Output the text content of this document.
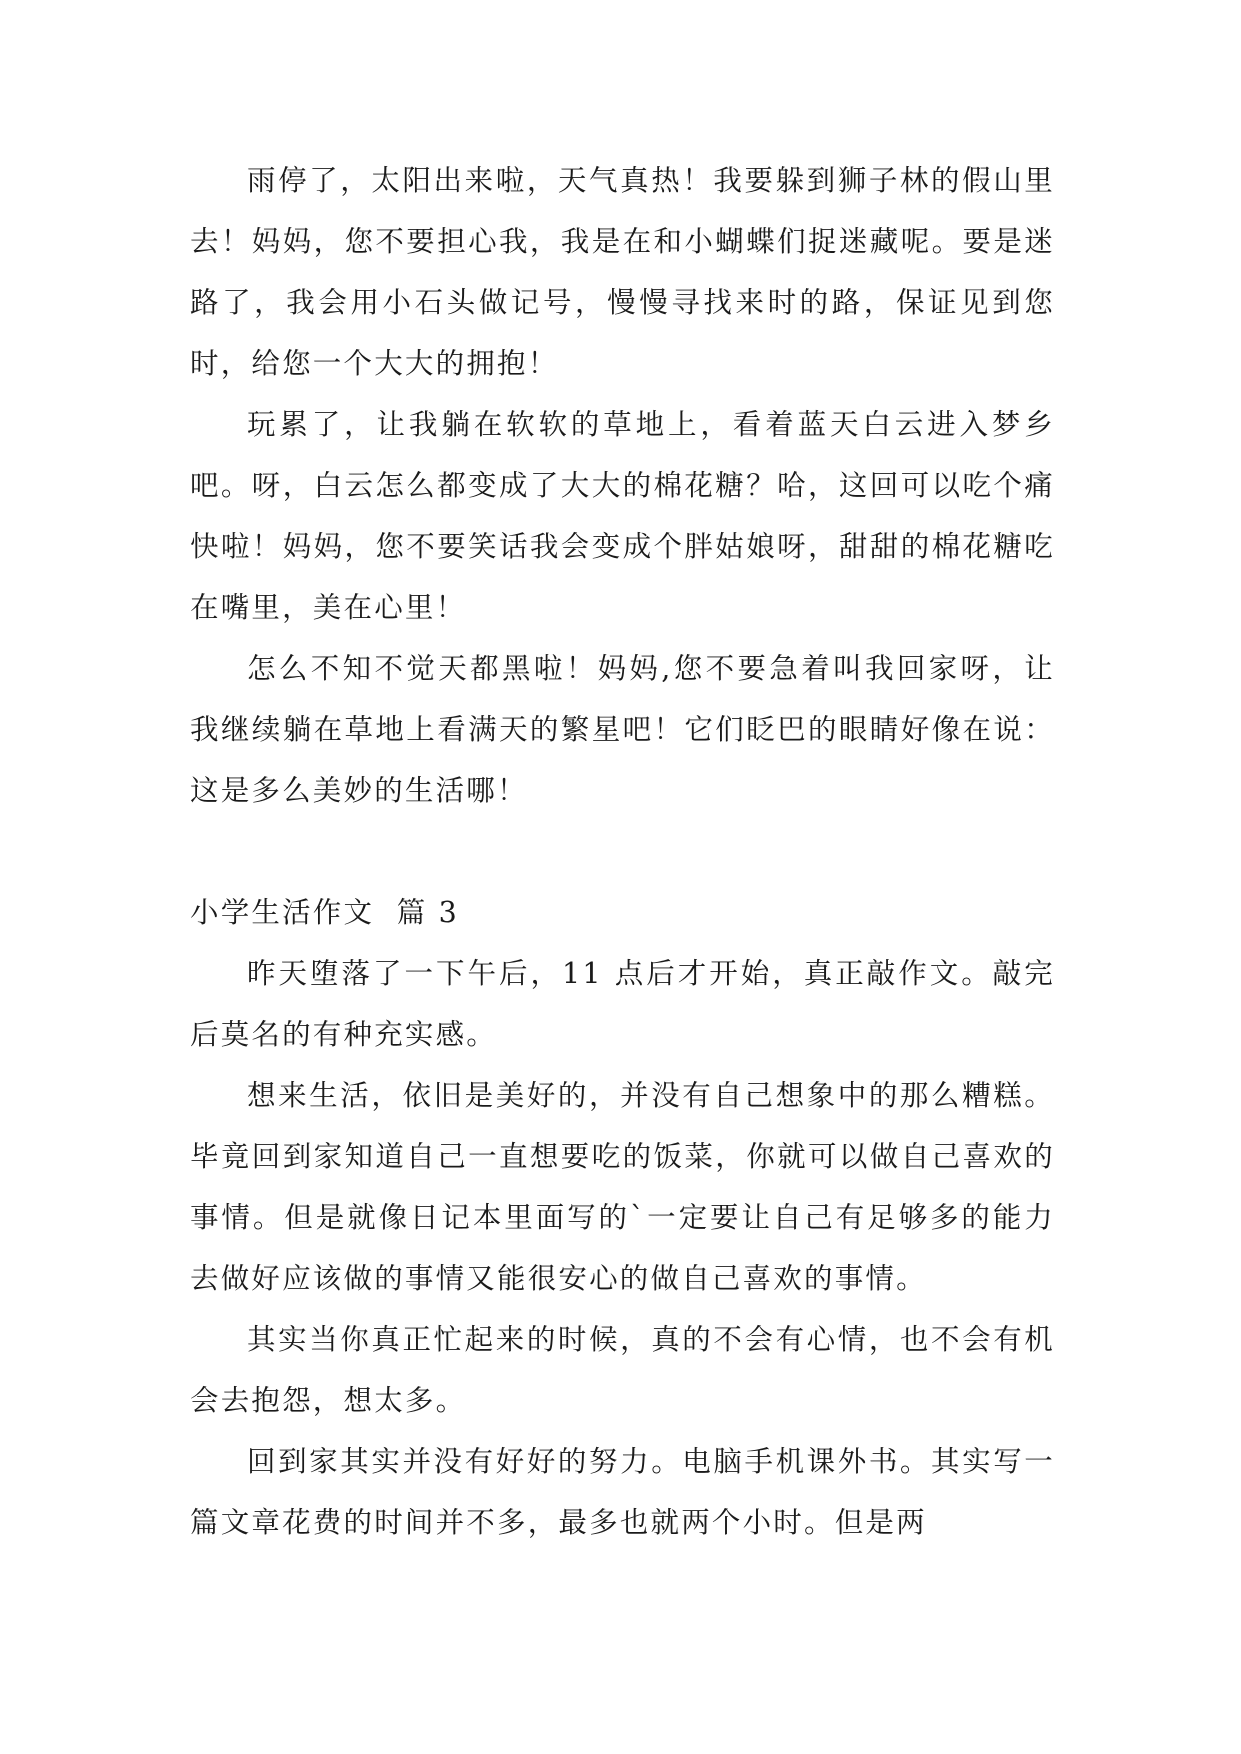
雨停了，太阳出来啦，天气真热！我要躲到狮子林的假山里去！妈妈，您不要担心我，我是在和小蝴蝶们捉迷藏呢。要是迷路了，我会用小石头做记号，慢慢寻找来时的路，保证见到您时，给您一个大大的拥抱！

玩累了，让我躺在软软的草地上，看着蓝天白云进入梦乡吧。呀，白云怎么都变成了大大的棉花糖？哈，这回可以吃个痛快啦！妈妈，您不要笑话我会变成个胖姑娘呀，甜甜的棉花糖吃在嘴里，美在心里！

怎么不知不觉天都黑啦！妈妈,您不要急着叫我回家呀，让我继续躺在草地上看满天的繁星吧！它们眨巴的眼睛好像在说：这是多么美妙的生活哪！

小学生活作文  篇 3

昨天堕落了一下午后，11 点后才开始，真正敲作文。敲完后莫名的有种充实感。

想来生活，依旧是美好的，并没有自己想象中的那么糟糕。毕竟回到家知道自己一直想要吃的饭菜，你就可以做自己喜欢的事情。但是就像日记本里面写的`一定要让自己有足够多的能力去做好应该做的事情又能很安心的做自己喜欢的事情。

其实当你真正忙起来的时候，真的不会有心情，也不会有机会去抱怨，想太多。

回到家其实并没有好好的努力。电脑手机课外书。其实写一篇文章花费的时间并不多，最多也就两个小时。但是两
